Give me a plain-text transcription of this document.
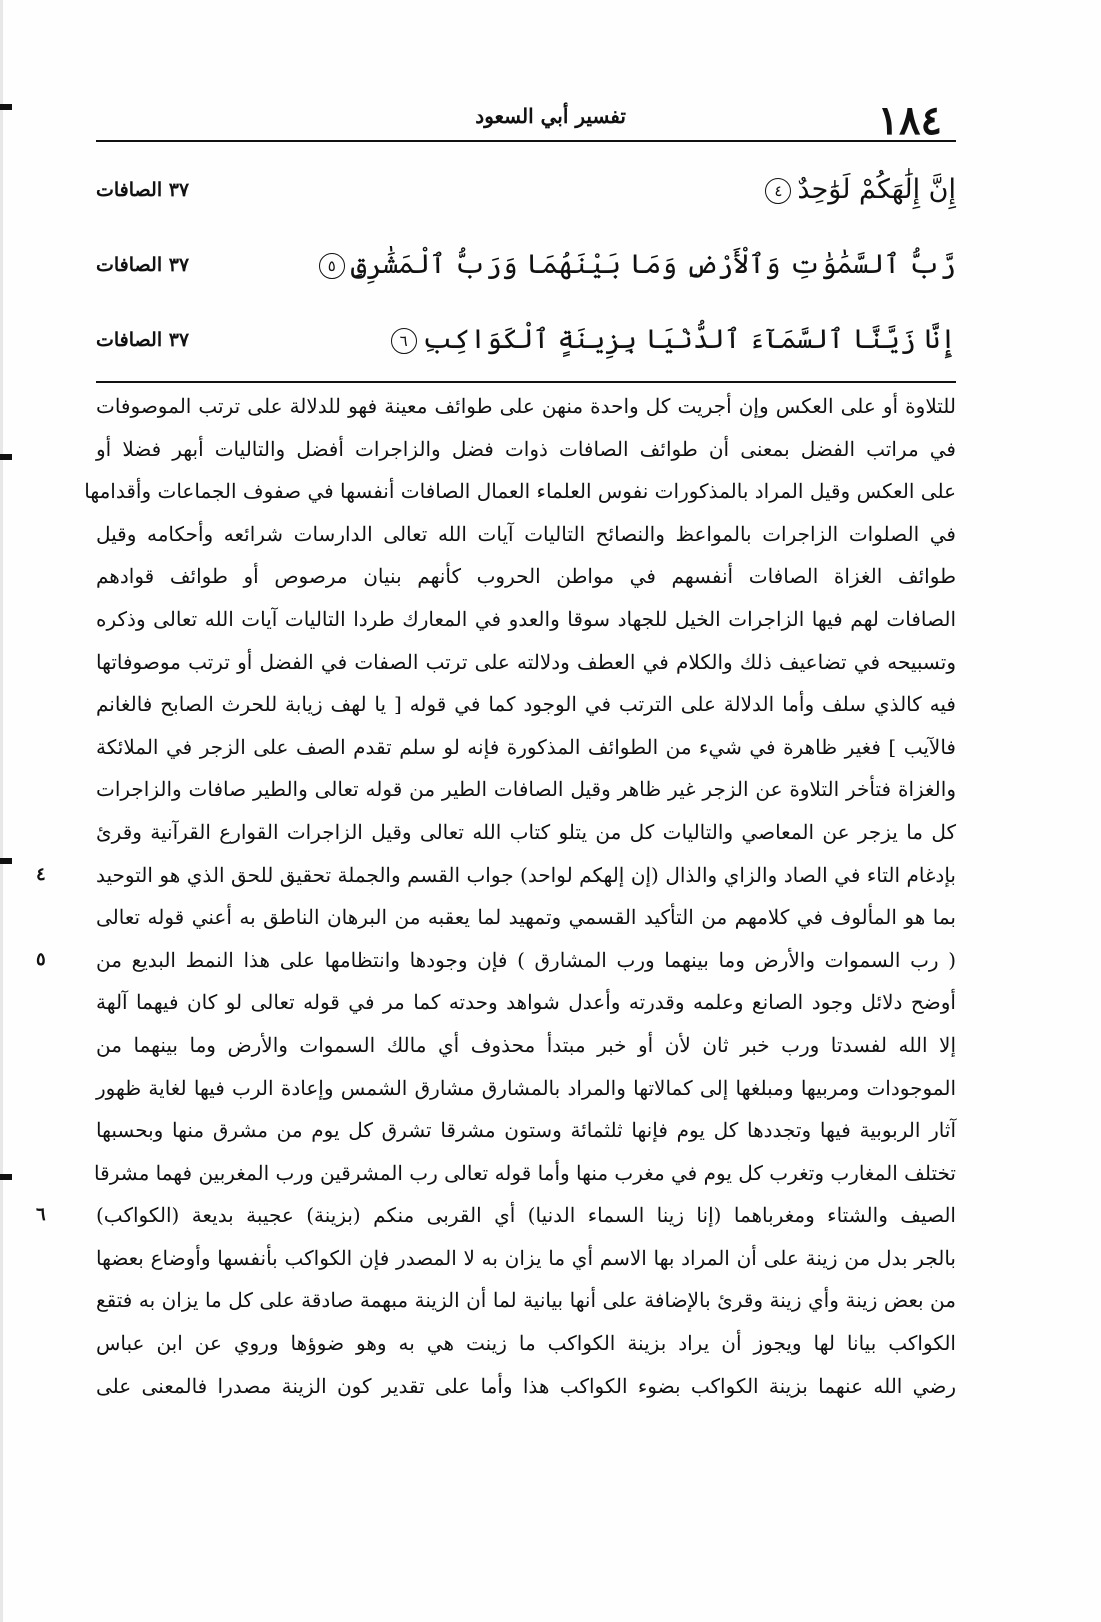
١٨٤
تفسير أبي السعود
إِنَّ إِلَٰهَكُمْ لَوَٰحِدٌ٤
٣٧ الصافات
رَّبُّ ٱلسَّمَٰوَٰتِ وَٱلْأَرْضِ وَمَا بَيْنَهُمَا وَرَبُّ ٱلْمَشَٰرِقِ٥
٣٧ الصافات
إِنَّا زَيَّنَّا ٱلسَّمَآءَ ٱلدُّنْيَا بِزِينَةٍ ٱلْكَوَاكِبِ٦
٣٧ الصافات
للتلاوة أو على العكس وإن أجريت كل واحدة منهن على طوائف معينة فهو للدلالة على ترتب الموصوفات
في مراتب الفضل بمعنى أن طوائف الصافات ذوات فضل والزاجرات أفضل والتاليات أبهر فضلا أو
على العكس وقيل المراد بالمذكورات نفوس العلماء العمال الصافات أنفسها في صفوف الجماعات وأقدامها
في الصلوات الزاجرات بالمواعظ والنصائح التاليات آيات الله تعالى الدارسات شرائعه وأحكامه وقيل
طوائف الغزاة الصافات أنفسهم في مواطن الحروب كأنهم بنيان مرصوص أو طوائف قوادهم
الصافات لهم فيها الزاجرات الخيل للجهاد سوقا والعدو في المعارك طردا التاليات آيات الله تعالى وذكره
وتسبيحه في تضاعيف ذلك والكلام في العطف ودلالته على ترتب الصفات في الفضل أو ترتب موصوفاتها
فيه كالذي سلف وأما الدلالة على الترتب في الوجود كما في قوله [ يا لهف زيابة للحرث الصابح فالغانم
فالآيب ] فغير ظاهرة في شيء من الطوائف المذكورة فإنه لو سلم تقدم الصف على الزجر في الملائكة
والغزاة فتأخر التلاوة عن الزجر غير ظاهر وقيل الصافات الطير من قوله تعالى والطير صافات والزاجرات
كل ما يزجر عن المعاصي والتاليات كل من يتلو كتاب الله تعالى وقيل الزاجرات القوارع القرآنية وقرئ
بإدغام التاء في الصاد والزاي والذال (إن إلهكم لواحد) جواب القسم والجملة تحقيق للحق الذي هو التوحيد
٤
بما هو المألوف في كلامهم من التأكيد القسمي وتمهيد لما يعقبه من البرهان الناطق به أعني قوله تعالى
( رب السموات والأرض وما بينهما ورب المشارق ) فإن وجودها وانتظامها على هذا النمط البديع من
٥
أوضح دلائل وجود الصانع وعلمه وقدرته وأعدل شواهد وحدته كما مر في قوله تعالى لو كان فيهما آلهة
إلا الله لفسدتا ورب خبر ثان لأن أو خبر مبتدأ محذوف أي مالك السموات والأرض وما بينهما من
الموجودات ومربيها ومبلغها إلى كمالاتها والمراد بالمشارق مشارق الشمس وإعادة الرب فيها لغاية ظهور
آثار الربوبية فيها وتجددها كل يوم فإنها ثلثمائة وستون مشرقا تشرق كل يوم من مشرق منها وبحسبها
تختلف المغارب وتغرب كل يوم في مغرب منها وأما قوله تعالى رب المشرقين ورب المغربين فهما مشرقا
الصيف والشتاء ومغرباهما (إنا زينا السماء الدنيا) أي القربى منكم (بزينة) عجيبة بديعة (الكواكب)
٦
بالجر بدل من زينة على أن المراد بها الاسم أي ما يزان به لا المصدر فإن الكواكب بأنفسها وأوضاع بعضها
من بعض زينة وأي زينة وقرئ بالإضافة على أنها بيانية لما أن الزينة مبهمة صادقة على كل ما يزان به فتقع
الكواكب بيانا لها ويجوز أن يراد بزينة الكواكب ما زينت هي به وهو ضوؤها وروي عن ابن عباس
رضي الله عنهما بزينة الكواكب بضوء الكواكب هذا وأما على تقدير كون الزينة مصدرا فالمعنى على
